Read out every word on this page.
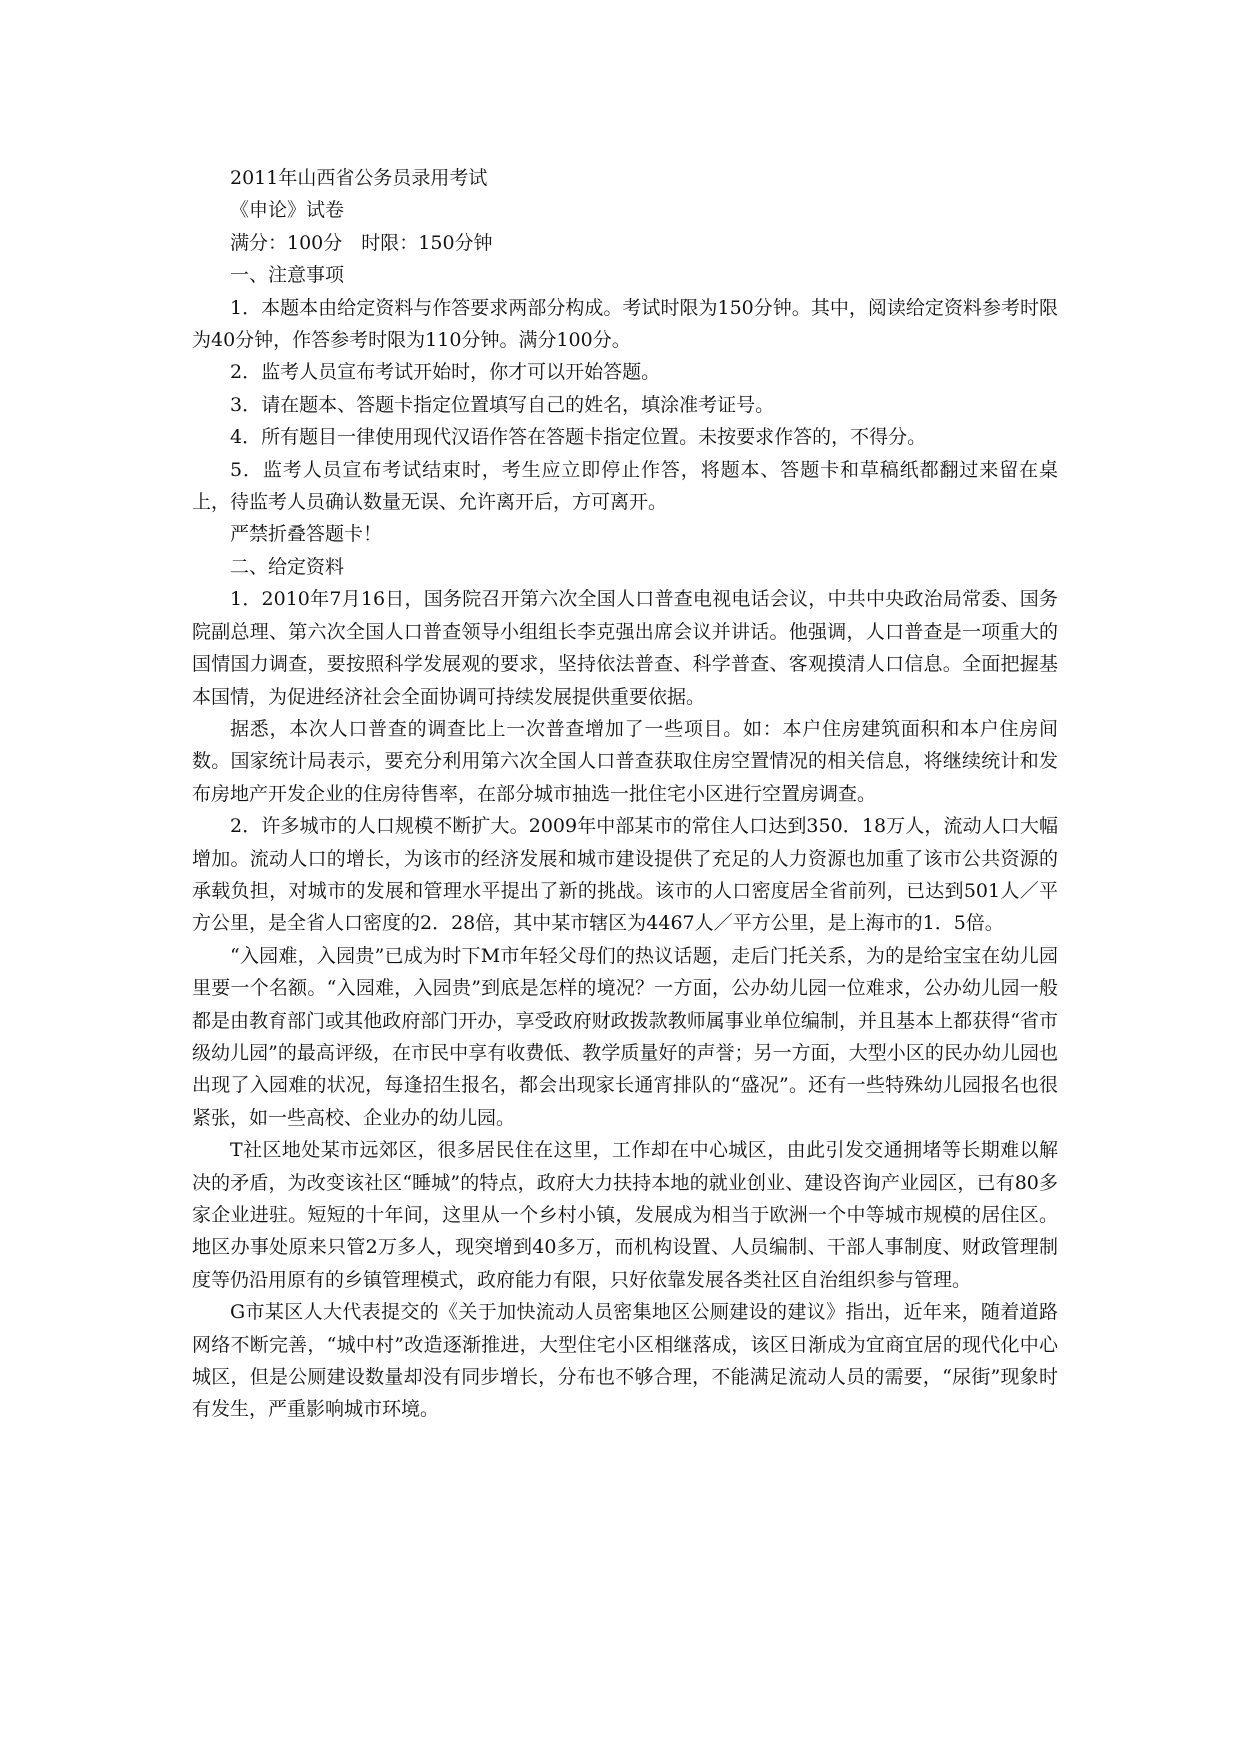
2011年山西省公务员录用考试

《申论》试卷

满分：100分　时限：150分钟

一、注意事项

1．本题本由给定资料与作答要求两部分构成。考试时限为150分钟。其中，阅读给定资料参考时限为40分钟，作答参考时限为110分钟。满分100分。

2．监考人员宣布考试开始时，你才可以开始答题。

3．请在题本、答题卡指定位置填写自己的姓名，填涂准考证号。

4．所有题目一律使用现代汉语作答在答题卡指定位置。未按要求作答的，不得分。

5．监考人员宣布考试结束时，考生应立即停止作答，将题本、答题卡和草稿纸都翻过来留在桌上，待监考人员确认数量无误、允许离开后，方可离开。

严禁折叠答题卡！

二、给定资料

1．2010年7月16日，国务院召开第六次全国人口普查电视电话会议，中共中央政治局常委、国务院副总理、第六次全国人口普查领导小组组长李克强出席会议并讲话。他强调，人口普查是一项重大的国情国力调查，要按照科学发展观的要求，坚持依法普查、科学普查、客观摸清人口信息。全面把握基本国情，为促进经济社会全面协调可持续发展提供重要依据。

据悉，本次人口普查的调查比上一次普查增加了一些项目。如：本户住房建筑面积和本户住房间数。国家统计局表示，要充分利用第六次全国人口普查获取住房空置情况的相关信息，将继续统计和发布房地产开发企业的住房待售率，在部分城市抽选一批住宅小区进行空置房调查。

2．许多城市的人口规模不断扩大。2009年中部某市的常住人口达到350．18万人，流动人口大幅增加。流动人口的增长，为该市的经济发展和城市建设提供了充足的人力资源也加重了该市公共资源的承载负担，对城市的发展和管理水平提出了新的挑战。该市的人口密度居全省前列，已达到501人／平方公里，是全省人口密度的2．28倍，其中某市辖区为4467人／平方公里，是上海市的1．5倍。

“入园难，入园贵”已成为时下M市年轻父母们的热议话题，走后门托关系，为的是给宝宝在幼儿园里要一个名额。“入园难，入园贵”到底是怎样的境况？一方面，公办幼儿园一位难求，公办幼儿园一般都是由教育部门或其他政府部门开办，享受政府财政拨款教师属事业单位编制，并且基本上都获得“省市级幼儿园”的最高评级，在市民中享有收费低、教学质量好的声誉；另一方面，大型小区的民办幼儿园也出现了入园难的状况，每逢招生报名，都会出现家长通宵排队的“盛况”。还有一些特殊幼儿园报名也很紧张，如一些高校、企业办的幼儿园。

T社区地处某市远郊区，很多居民住在这里，工作却在中心城区，由此引发交通拥堵等长期难以解决的矛盾，为改变该社区“睡城”的特点，政府大力扶持本地的就业创业、建设咨询产业园区，已有80多家企业进驻。短短的十年间，这里从一个乡村小镇，发展成为相当于欧洲一个中等城市规模的居住区。地区办事处原来只管2万多人，现突增到40多万，而机构设置、人员编制、干部人事制度、财政管理制度等仍沿用原有的乡镇管理模式，政府能力有限，只好依靠发展各类社区自治组织参与管理。

G市某区人大代表提交的《关于加快流动人员密集地区公厕建设的建议》指出，近年来，随着道路网络不断完善，“城中村”改造逐渐推进，大型住宅小区相继落成，该区日渐成为宜商宜居的现代化中心城区，但是公厕建设数量却没有同步增长，分布也不够合理，不能满足流动人员的需要，“尿街”现象时有发生，严重影响城市环境。
